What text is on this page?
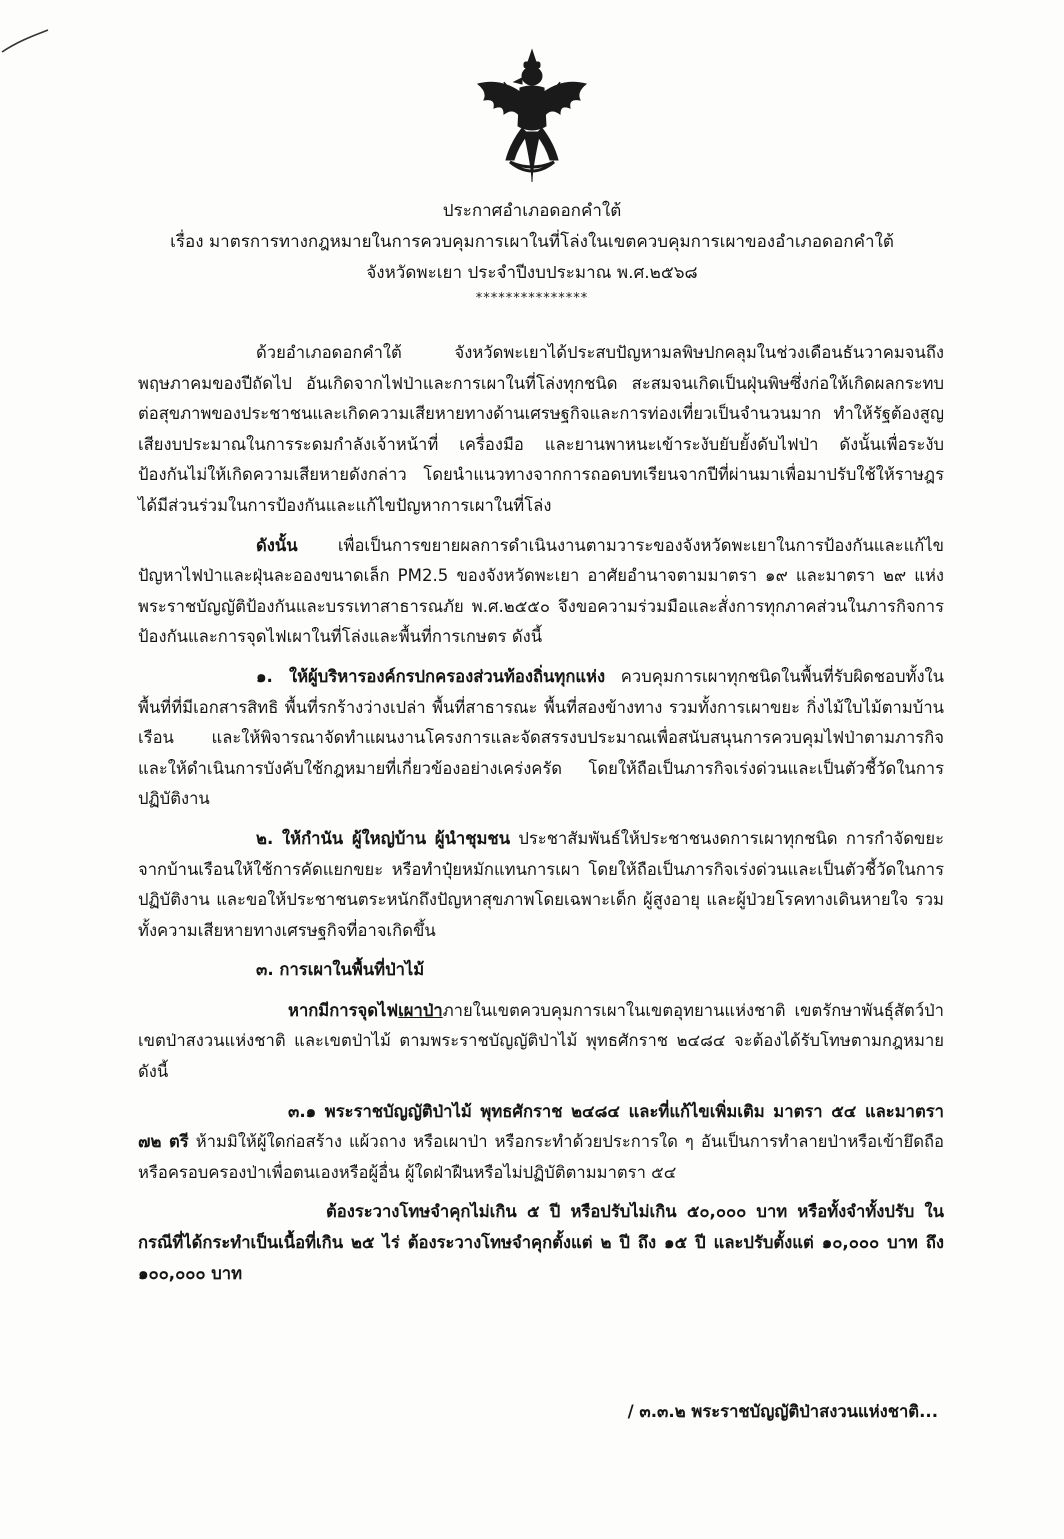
ประกาศอำเภอดอกคำใต้
เรื่อง มาตรการทางกฎหมายในการควบคุมการเผาในที่โล่งในเขตควบคุมการเผาของอำเภอดอกคำใต้
จังหวัดพะเยา ประจำปีงบประมาณ พ.ศ.๒๕๖๘
***************

ด้วยอำเภอดอกคำใต้ จังหวัดพะเยาได้ประสบปัญหามลพิษปกคลุมในช่วงเดือนธันวาคมจนถึงพฤษภาคมของปีถัดไป อันเกิดจากไฟป่าและการเผาในที่โล่งทุกชนิด สะสมจนเกิดเป็นฝุ่นพิษซึ่งก่อให้เกิดผลกระทบต่อสุขภาพของประชาชนและเกิดความเสียหายทางด้านเศรษฐกิจและการท่องเที่ยวเป็นจำนวนมาก ทำให้รัฐต้องสูญเสียงบประมาณในการระดมกำลังเจ้าหน้าที่ เครื่องมือ และยานพาหนะเข้าระงับยับยั้งดับไฟป่า ดังนั้นเพื่อระงับป้องกันไม่ให้เกิดความเสียหายดังกล่าว โดยนำแนวทางจากการถอดบทเรียนจากปีที่ผ่านมาเพื่อมาปรับใช้ให้ราษฎรได้มีส่วนร่วมในการป้องกันและแก้ไขปัญหาการเผาในที่โล่ง

ดังนั้น เพื่อเป็นการขยายผลการดำเนินงานตามวาระของจังหวัดพะเยาในการป้องกันและแก้ไขปัญหาไฟป่าและฝุ่นละอองขนาดเล็ก PM2.5 ของจังหวัดพะเยา อาศัยอำนาจตามมาตรา ๑๙ และมาตรา ๒๙ แห่งพระราชบัญญัติป้องกันและบรรเทาสาธารณภัย พ.ศ.๒๕๕๐ จึงขอความร่วมมือและสั่งการทุกภาคส่วนในภารกิจการป้องกันและการจุดไฟเผาในที่โล่งและพื้นที่การเกษตร ดังนี้

๑. ให้ผู้บริหารองค์กรปกครองส่วนท้องถิ่นทุกแห่ง ควบคุมการเผาทุกชนิดในพื้นที่รับผิดชอบทั้งในพื้นที่ที่มีเอกสารสิทธิ พื้นที่รกร้างว่างเปล่า พื้นที่สาธารณะ พื้นที่สองข้างทาง รวมทั้งการเผาขยะ กิ่งไม้ใบไม้ตามบ้านเรือน และให้พิจารณาจัดทำแผนงานโครงการและจัดสรรงบประมาณเพื่อสนับสนุนการควบคุมไฟป่าตามภารกิจ และให้ดำเนินการบังคับใช้กฎหมายที่เกี่ยวข้องอย่างเคร่งครัด โดยให้ถือเป็นภารกิจเร่งด่วนและเป็นตัวชี้วัดในการปฏิบัติงาน

๒. ให้กำนัน ผู้ใหญ่บ้าน ผู้นำชุมชน ประชาสัมพันธ์ให้ประชาชนงดการเผาทุกชนิด การกำจัดขยะจากบ้านเรือนให้ใช้การคัดแยกขยะ หรือทำปุ๋ยหมักแทนการเผา โดยให้ถือเป็นภารกิจเร่งด่วนและเป็นตัวชี้วัดในการปฏิบัติงาน และขอให้ประชาชนตระหนักถึงปัญหาสุขภาพโดยเฉพาะเด็ก ผู้สูงอายุ และผู้ป่วยโรคทางเดินหายใจ รวมทั้งความเสียหายทางเศรษฐกิจที่อาจเกิดขึ้น

๓. การเผาในพื้นที่ป่าไม้

หากมีการจุดไฟเผาป่าภายในเขตควบคุมการเผาในเขตอุทยานแห่งชาติ เขตรักษาพันธุ์สัตว์ป่า เขตป่าสงวนแห่งชาติ และเขตป่าไม้ ตามพระราชบัญญัติป่าไม้ พุทธศักราช ๒๔๘๔ จะต้องได้รับโทษตามกฎหมาย ดังนี้

๓.๑ พระราชบัญญัติป่าไม้ พุทธศักราช ๒๔๘๔ และที่แก้ไขเพิ่มเติม มาตรา ๕๔ และมาตรา ๗๒ ตรี ห้ามมิให้ผู้ใดก่อสร้าง แผ้วถาง หรือเผาป่า หรือกระทำด้วยประการใด ๆ อันเป็นการทำลายป่าหรือเข้ายึดถือหรือครอบครองป่าเพื่อตนเองหรือผู้อื่น ผู้ใดฝ่าฝืนหรือไม่ปฏิบัติตามมาตรา ๕๔

ต้องระวางโทษจำคุกไม่เกิน ๕ ปี หรือปรับไม่เกิน ๕๐,๐๐๐ บาท หรือทั้งจำทั้งปรับ ในกรณีที่ได้กระทำเป็นเนื้อที่เกิน ๒๕ ไร่ ต้องระวางโทษจำคุกตั้งแต่ ๒ ปี ถึง ๑๕ ปี และปรับตั้งแต่ ๑๐,๐๐๐ บาท ถึง ๑๐๐,๐๐๐ บาท

/ ๓.๓.๒ พระราชบัญญัติป่าสงวนแห่งชาติ...
